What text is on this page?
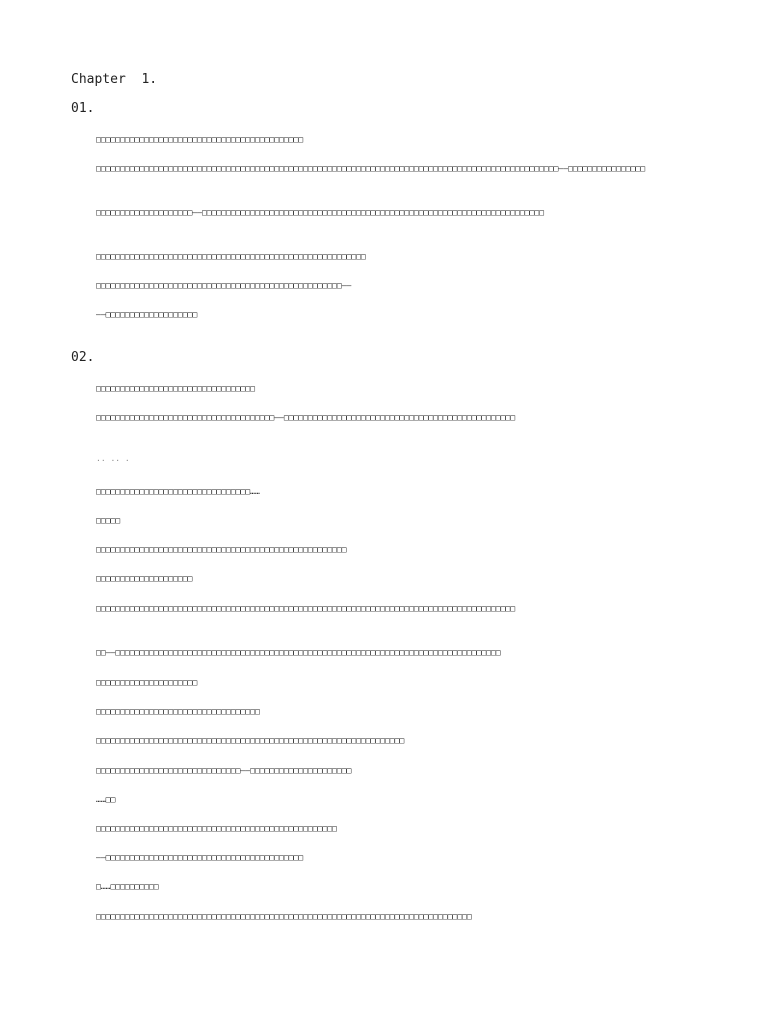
Chapter  1.
01.
□□□□□□□□□□□□□□□□□□□□□□□□□□□□□□□□□□□□□□□□□□□
□□□□□□□□□□□□□□□□□□□□□□□□□□□□□□□□□□□□□□□□□□□□□□□□□□□□□□□□□□□□□□□□□□□□□□□□□□□□□□□□□□□□□□□□□□□□□□□□——□□□□□□□□□□□□□□□□
□□□□□□□□□□□□□□□□□□□□——□□□□□□□□□□□□□□□□□□□□□□□□□□□□□□□□□□□□□□□□□□□□□□□□□□□□□□□□□□□□□□□□□□□□□□□
□□□□□□□□□□□□□□□□□□□□□□□□□□□□□□□□□□□□□□□□□□□□□□□□□□□□□□□□
□□□□□□□□□□□□□□□□□□□□□□□□□□□□□□□□□□□□□□□□□□□□□□□□□□□——
——□□□□□□□□□□□□□□□□□□□
02.
□□□□□□□□□□□□□□□□□□□□□□□□□□□□□□□□□
□□□□□□□□□□□□□□□□□□□□□□□□□□□□□□□□□□□□□——□□□□□□□□□□□□□□□□□□□□□□□□□□□□□□□□□□□□□□□□□□□□□□□□
·· ·· ·
□□□□□□□□□□□□□□□□□□□□□□□□□□□□□□□□……
□□□□□
□□□□□□□□□□□□□□□□□□□□□□□□□□□□□□□□□□□□□□□□□□□□□□□□□□□□
□□□□□□□□□□□□□□□□□□□□
□□□□□□□□□□□□□□□□□□□□□□□□□□□□□□□□□□□□□□□□□□□□□□□□□□□□□□□□□□□□□□□□□□□□□□□□□□□□□□□□□□□□□□□
□□——□□□□□□□□□□□□□□□□□□□□□□□□□□□□□□□□□□□□□□□□□□□□□□□□□□□□□□□□□□□□□□□□□□□□□□□□□□□□□□□□
□□□□□□□□□□□□□□□□□□□□□
□□□□□□□□□□□□□□□□□□□□□□□□□□□□□□□□□□
□□□□□□□□□□□□□□□□□□□□□□□□□□□□□□□□□□□□□□□□□□□□□□□□□□□□□□□□□□□□□□□□
□□□□□□□□□□□□□□□□□□□□□□□□□□□□□□——□□□□□□□□□□□□□□□□□□□□□
……□□
□□□□□□□□□□□□□□□□□□□□□□□□□□□□□□□□□□□□□□□□□□□□□□□□□□
——□□□□□□□□□□□□□□□□□□□□□□□□□□□□□□□□□□□□□□□□□
□……□□□□□□□□□□
□□□□□□□□□□□□□□□□□□□□□□□□□□□□□□□□□□□□□□□□□□□□□□□□□□□□□□□□□□□□□□□□□□□□□□□□□□□□□□
